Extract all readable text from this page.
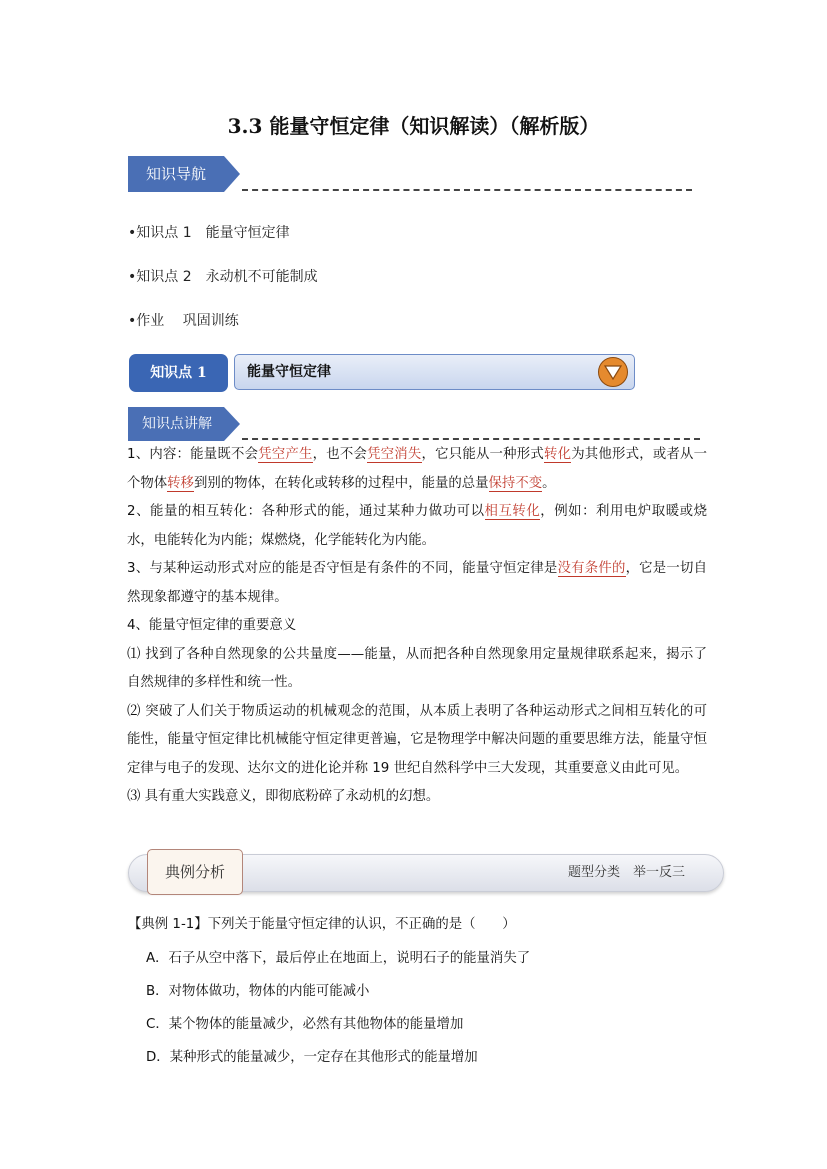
3.3 能量守恒定律（知识解读）（解析版）
知识导航
•知识点 1　能量守恒定律
•知识点 2　永动机不可能制成
•作业　 巩固训练
知识点 1	能量守恒定律
知识点讲解

1、内容：能量既不会凭空产生，也不会凭空消失，它只能从一种形式转化为其他形式，或者从一个物体转移到别的物体，在转化或转移的过程中，能量的总量保持不变。

2、能量的相互转化：各种形式的能，通过某种力做功可以相互转化，例如：利用电炉取暖或烧水，电能转化为内能；煤燃烧，化学能转化为内能。

3、与某种运动形式对应的能是否守恒是有条件的不同，能量守恒定律是没有条件的，它是一切自然现象都遵守的基本规律。

4、能量守恒定律的重要意义

⑴ 找到了各种自然现象的公共量度——能量，从而把各种自然现象用定量规律联系起来，揭示了自然规律的多样性和统一性。

⑵ 突破了人们关于物质运动的机械观念的范围，从本质上表明了各种运动形式之间相互转化的可能性，能量守恒定律比机械能守恒定律更普遍，它是物理学中解决问题的重要思维方法，能量守恒定律与电子的发现、达尔文的进化论并称 19 世纪自然科学中三大发现，其重要意义由此可见。

⑶ 具有重大实践意义，即彻底粉碎了永动机的幻想。

典例分析	题型分类　举一反三
【典例 1-1】下列关于能量守恒定律的认识，不正确的是（　　）
A．石子从空中落下，最后停止在地面上，说明石子的能量消失了
B．对物体做功，物体的内能可能减小
C．某个物体的能量减少，必然有其他物体的能量增加
D．某种形式的能量减少，一定存在其他形式的能量增加
